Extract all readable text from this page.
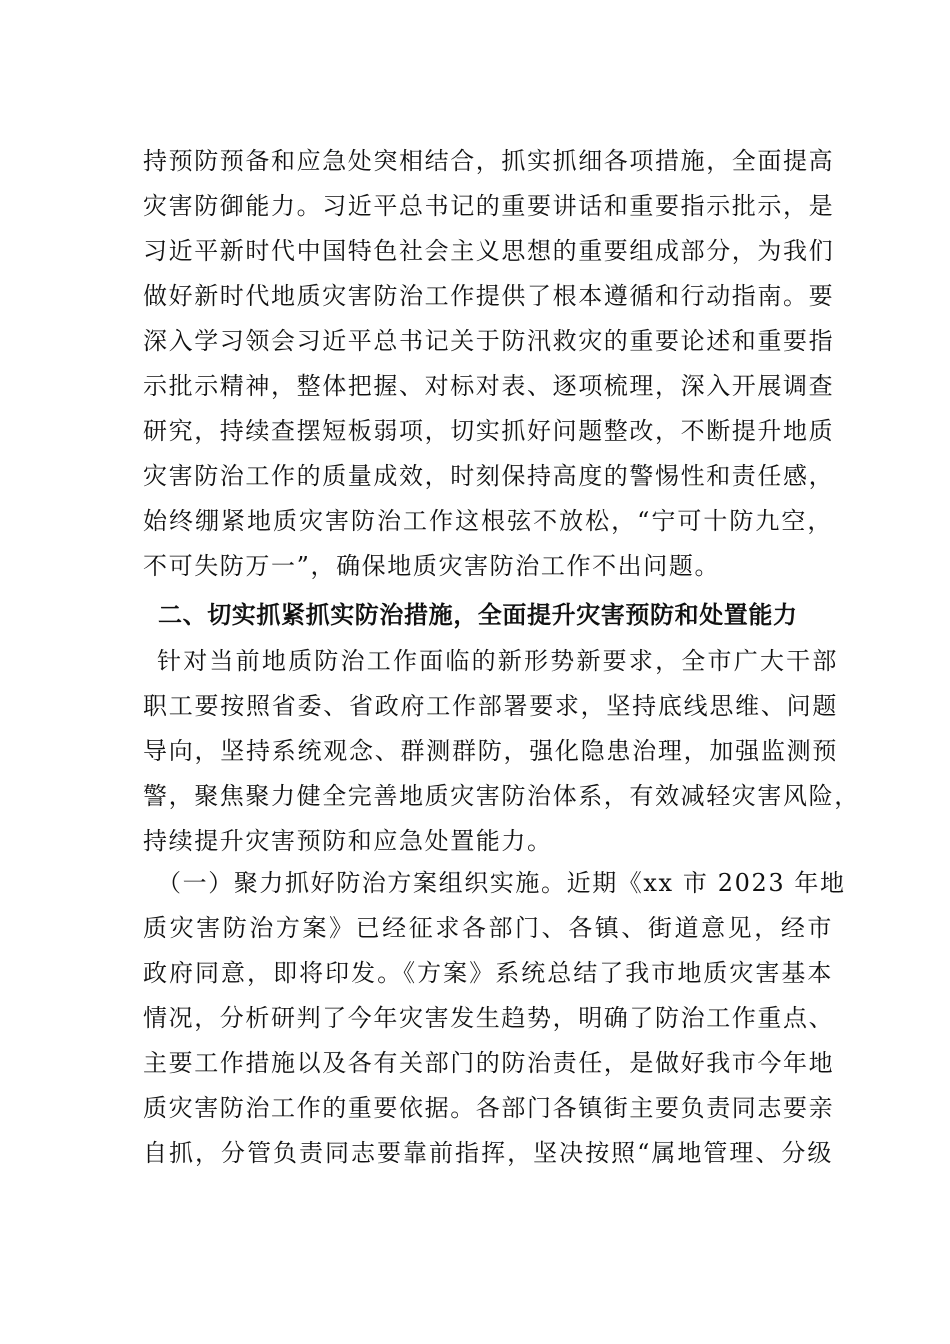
持预防预备和应急处突相结合，抓实抓细各项措施，全面提高
灾害防御能力。习近平总书记的重要讲话和重要指示批示，是
习近平新时代中国特色社会主义思想的重要组成部分，为我们
做好新时代地质灾害防治工作提供了根本遵循和行动指南。要
深入学习领会习近平总书记关于防汛救灾的重要论述和重要指
示批示精神，整体把握、对标对表、逐项梳理，深入开展调查
研究，持续查摆短板弱项，切实抓好问题整改，不断提升地质
灾害防治工作的质量成效，时刻保持高度的警惕性和责任感，
始终绷紧地质灾害防治工作这根弦不放松，“宁可十防九空，
不可失防万一”，确保地质灾害防治工作不出问题。
二、切实抓紧抓实防治措施，全面提升灾害预防和处置能力
针对当前地质防治工作面临的新形势新要求，全市广大干部
职工要按照省委、省政府工作部署要求，坚持底线思维、问题
导向，坚持系统观念、群测群防，强化隐患治理，加强监测预
警，聚焦聚力健全完善地质灾害防治体系，有效减轻灾害风险，
持续提升灾害预防和应急处置能力。
（一）聚力抓好防治方案组织实施。近期《xx 市 2023 年地
质灾害防治方案》已经征求各部门、各镇、街道意见，经市
政府同意，即将印发。《方案》系统总结了我市地质灾害基本
情况，分析研判了今年灾害发生趋势，明确了防治工作重点、
主要工作措施以及各有关部门的防治责任，是做好我市今年地
质灾害防治工作的重要依据。各部门各镇街主要负责同志要亲
自抓，分管负责同志要靠前指挥，坚决按照“属地管理、分级
